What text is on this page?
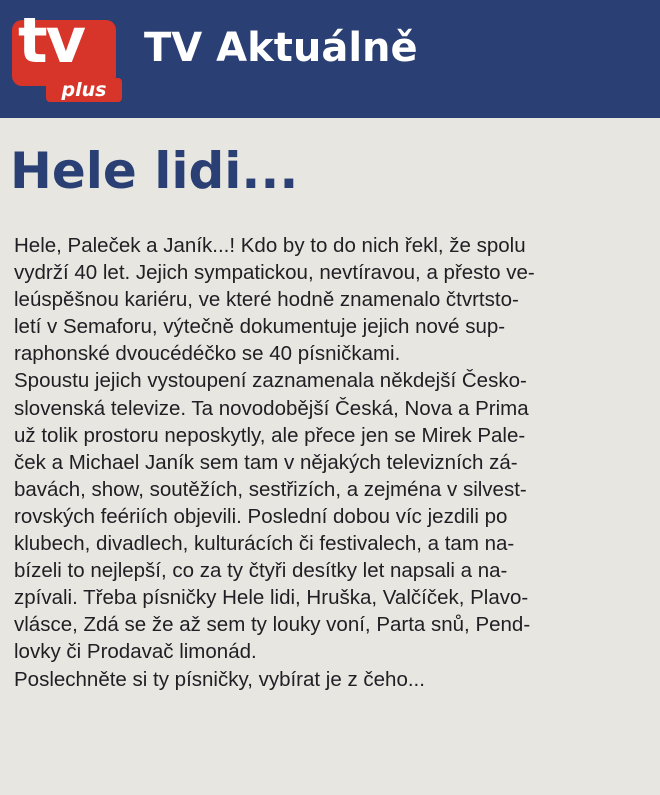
tv
plus
TV Aktuálně
Hele lidi...
Hele, Paleček a Janík...! Kdo by to do nich řekl, že spolu
vydrží 40 let. Jejich sympatickou, nevtíravou, a přesto ve-
leúspěšnou kariéru, ve které hodně znamenalo čtvrtsto-
letí v Semaforu, výtečně dokumentuje jejich nové sup-
raphonské dvoucédéčko se 40 písničkami.
Spoustu jejich vystoupení zaznamenala někdejší Česko-
slovenská televize. Ta novodobější Česká, Nova a Prima
už tolik prostoru neposkytly, ale přece jen se Mirek Pale-
ček a Michael Janík sem tam v nějakých televizních zá-
bavách, show, soutěžích, sestřizích, a zejména v silvest-
rovských feériích objevili. Poslední dobou víc jezdili po
klubech, divadlech, kulturácích či festivalech, a tam na-
bízeli to nejlepší, co za ty čtyři desítky let napsali a na-
zpívali. Třeba písničky Hele lidi, Hruška, Valčíček, Plavo-
vlásce, Zdá se že až sem ty louky voní, Parta snů, Pend-
lovky či Prodavač limonád.
Poslechněte si ty písničky, vybírat je z čeho...
